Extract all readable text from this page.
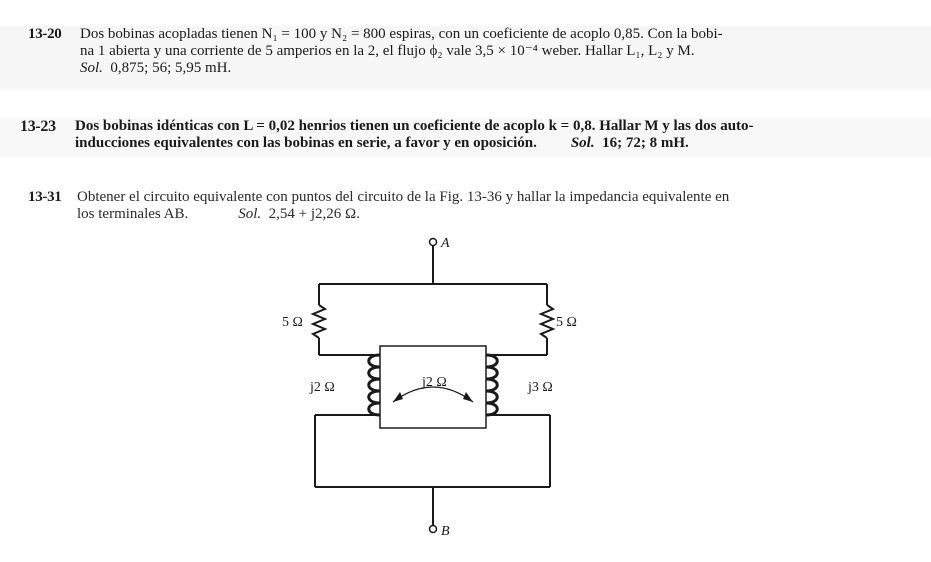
13-20 Dos bobinas acopladas tienen N₁ = 100 y N₂ = 800 espiras, con un coeficiente de acoplo 0,85. Con la bobi-
na 1 abierta y una corriente de 5 amperios en la 2, el flujo ϕ₂ vale 3,5 × 10⁻⁴ weber. Hallar L₁, L₂ y M.
Sol. 0,875; 56; 5,95 mH.
13-23 Dos bobinas idénticas con L = 0,02 henrios tienen un coeficiente de acoplo k = 0,8. Hallar M y las dos auto-
inducciones equivalentes con las bobinas en serie, a favor y en oposición. Sol. 16; 72; 8 mH.
13-31 Obtener el circuito equivalente con puntos del circuito de la Fig. 13-36 y hallar la impedancia equivalente en
los terminales AB.	Sol. 2,54 + j2,26 Ω.
A
B
5 Ω	5 Ω
j2 Ω	j3 Ω
j2 Ω
